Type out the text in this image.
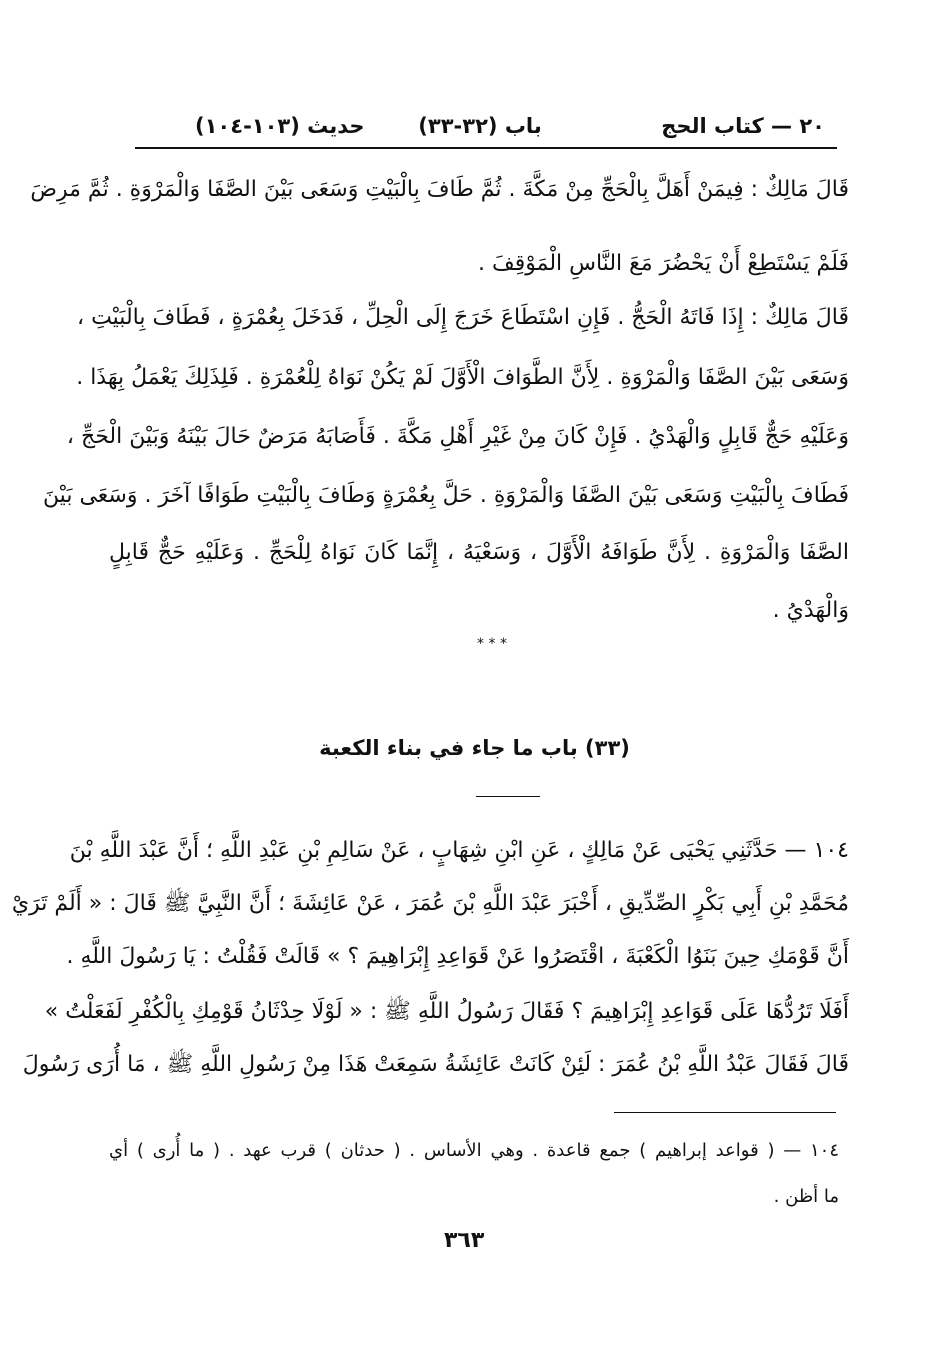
٢٠ — كتاب الحج
(٣٢-٣٣) باب
(١٠٣-١٠٤) حديث
قَالَ مَالِكٌ : فِيمَنْ أَهَلَّ بِالْحَجِّ مِنْ مَكَّةَ . ثُمَّ طَافَ بِالْبَيْتِ وَسَعَى بَيْنَ الصَّفَا وَالْمَرْوَةِ . ثُمَّ مَرِضَ
فَلَمْ يَسْتَطِعْ أَنْ يَحْضُرَ مَعَ النَّاسِ الْمَوْقِفَ .
قَالَ مَالِكٌ : إِذَا فَاتَهُ الْحَجُّ . فَإِنِ اسْتَطَاعَ خَرَجَ إِلَى الْحِلِّ ، فَدَخَلَ بِعُمْرَةٍ ، فَطَافَ بِالْبَيْتِ ،
وَسَعَى بَيْنَ الصَّفَا وَالْمَرْوَةِ . لِأَنَّ الطَّوَافَ الْأَوَّلَ لَمْ يَكُنْ نَوَاهُ لِلْعُمْرَةِ . فَلِذَلِكَ يَعْمَلُ بِهَذَا .
وَعَلَيْهِ حَجٌّ قَابِلٍ وَالْهَدْيُ . فَإِنْ كَانَ مِنْ غَيْرِ أَهْلِ مَكَّةَ . فَأَصَابَهُ مَرَضٌ حَالَ بَيْنَهُ وَبَيْنَ الْحَجِّ ،
فَطَافَ بِالْبَيْتِ وَسَعَى بَيْنَ الصَّفَا وَالْمَرْوَةِ . حَلَّ بِعُمْرَةٍ وَطَافَ بِالْبَيْتِ طَوَافًا آخَرَ . وَسَعَى بَيْنَ
الصَّفَا وَالْمَرْوَةِ . لِأَنَّ طَوَافَهُ الْأَوَّلَ ، وَسَعْيَهُ ، إِنَّمَا كَانَ نَوَاهُ لِلْحَجِّ . وَعَلَيْهِ حَجٌّ قَابِلٍ
وَالْهَدْيُ .
* * *
(٣٣) باب ما جاء في بناء الكعبة
١٠٤ — حَدَّثَنِي يَحْيَى عَنْ مَالِكٍ ، عَنِ ابْنِ شِهَابٍ ، عَنْ سَالِمِ بْنِ عَبْدِ اللَّهِ ؛ أَنَّ عَبْدَ اللَّهِ بْنَ
مُحَمَّدِ بْنِ أَبِي بَكْرٍ الصِّدِّيقِ ، أَخْبَرَ عَبْدَ اللَّهِ بْنَ عُمَرَ ، عَنْ عَائِشَةَ ؛ أَنَّ النَّبِيَّ ﷺ قَالَ : « أَلَمْ تَرَيْ
أَنَّ قَوْمَكِ حِينَ بَنَوُا الْكَعْبَةَ ، اقْتَصَرُوا عَنْ قَوَاعِدِ إِبْرَاهِيمَ ؟ » قَالَتْ فَقُلْتُ : يَا رَسُولَ اللَّهِ .
أَفَلَا تَرُدُّهَا عَلَى قَوَاعِدِ إِبْرَاهِيمَ ؟ فَقَالَ رَسُولُ اللَّهِ ﷺ : « لَوْلَا حِدْثَانُ قَوْمِكِ بِالْكُفْرِ لَفَعَلْتُ »
قَالَ فَقَالَ عَبْدُ اللَّهِ بْنُ عُمَرَ : لَئِنْ كَانَتْ عَائِشَةُ سَمِعَتْ هَذَا مِنْ رَسُولِ اللَّهِ ﷺ ، مَا أُرَى رَسُولَ
١٠٤ — ( قواعد إبراهيم ) جمع قاعدة . وهي الأساس . ( حدثان ) قرب عهد . ( ما أُرى ) أي
ما أظن .
٣٦٣
